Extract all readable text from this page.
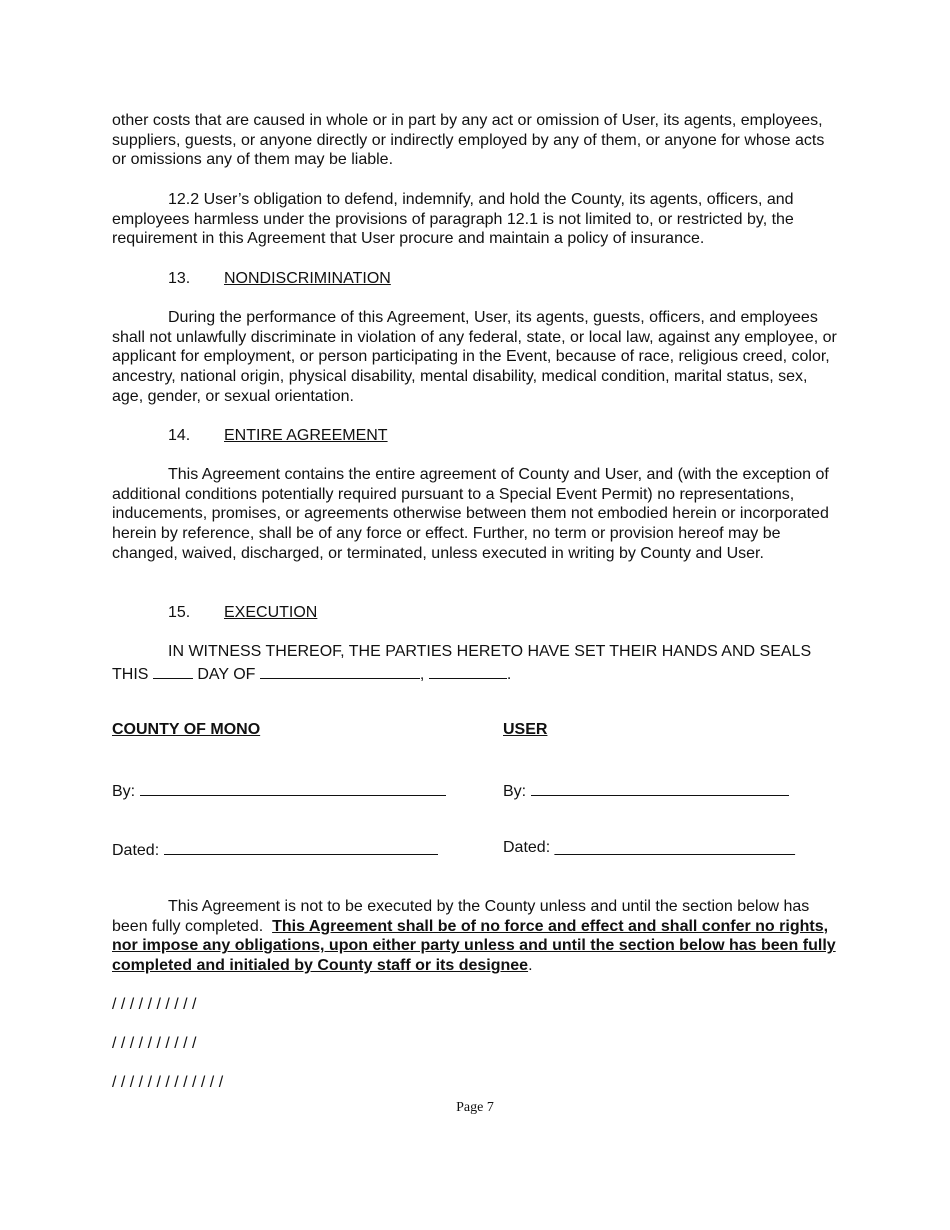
other costs that are caused in whole or in part by any act or omission of User, its agents, employees, suppliers, guests, or anyone directly or indirectly employed by any of them, or anyone for whose acts or omissions any of them may be liable.

12.2 User’s obligation to defend, indemnify, and hold the County, its agents, officers, and employees harmless under the provisions of paragraph 12.1 is not limited to, or restricted by, the requirement in this Agreement that User procure and maintain a policy of insurance.

13. NONDISCRIMINATION

During the performance of this Agreement, User, its agents, guests, officers, and employees shall not unlawfully discriminate in violation of any federal, state, or local law, against any employee, or applicant for employment, or person participating in the Event, because of race, religious creed, color, ancestry, national origin, physical disability, mental disability, medical condition, marital status, sex, age, gender, or sexual orientation.

14. ENTIRE AGREEMENT

This Agreement contains the entire agreement of County and User, and (with the exception of additional conditions potentially required pursuant to a Special Event Permit) no representations, inducements, promises, or agreements otherwise between them not embodied herein or incorporated herein by reference, shall be of any force or effect. Further, no term or provision hereof may be changed, waived, discharged, or terminated, unless executed in writing by County and User.

15. EXECUTION

IN WITNESS THEREOF, THE PARTIES HERETO HAVE SET THEIR HANDS AND SEALS THIS	DAY OF	,	.

COUNTY OF MONO	USER

By:	By:

Dated:	Dated: ___________________________

This Agreement is not to be executed by the County unless and until the section below has been fully completed. This Agreement shall be of no force and effect and shall confer no rights, nor impose any obligations, upon either party unless and until the section below has been fully completed and initialed by County staff or its designee.

/ / / / / / / / / /

/ / / / / / / / / /

/ / / / / / / / / / / / /

Page 7
